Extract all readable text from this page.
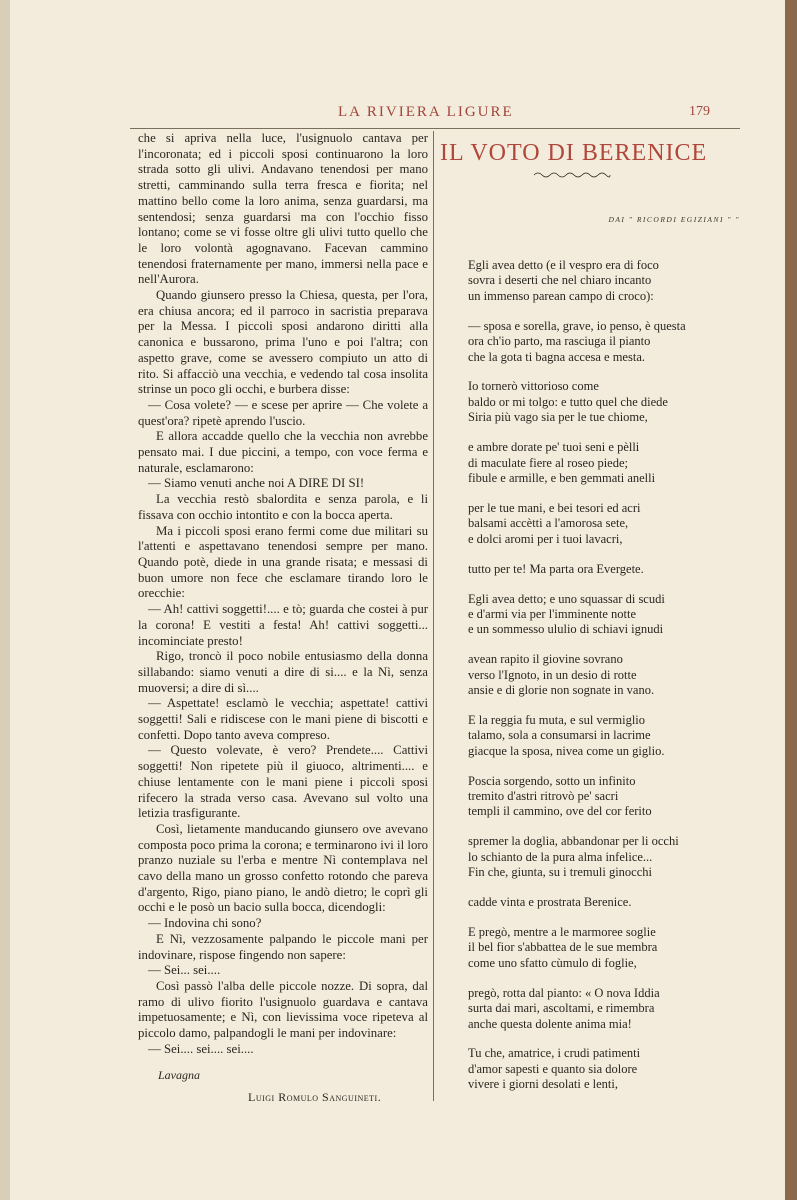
LA RIVIERA LIGURE	179

che si apriva nella luce, l'usignuolo cantava per l'incoronata; ed i piccoli sposi continuarono la loro strada sotto gli ulivi. Andavano tenendosi per mano stretti, camminando sulla terra fresca e fiorita; nel mattino bello come la loro anima, senza guardarsi, ma sentendosi; senza guardarsi ma con l'occhio fisso lontano; come se vi fosse oltre gli ulivi tutto quello che le loro volontà agognavano. Facevan cammino tenendosi fraternamente per mano, immersi nella pace e nell'Aurora.

Quando giunsero presso la Chiesa, questa, per l'ora, era chiusa ancora; ed il parroco in sacristia preparava per la Messa. I piccoli sposi andarono diritti alla canonica e bussarono, prima l'uno e poi l'altra; con aspetto grave, come se avessero compiuto un atto di rito. Si affacciò una vecchia, e vedendo tal cosa insolita strinse un poco gli occhi, e burbera disse:

— Cosa volete? — e scese per aprire — Che volete a quest'ora? ripetè aprendo l'uscio.

E allora accadde quello che la vecchia non avrebbe pensato mai. I due piccini, a tempo, con voce ferma e naturale, esclamarono:

— Siamo venuti anche noi A DIRE DI SI!

La vecchia restò sbalordita e senza parola, e li fissava con occhio intontito e con la bocca aperta.

Ma i piccoli sposi erano fermi come due militari su l'attenti e aspettavano tenendosi sempre per mano. Quando potè, diede in una grande risata; e messasi di buon umore non fece che esclamare tirando loro le orecchie:

— Ah! cattivi soggetti!.... e tò; guarda che costei à pur la corona! E vestiti a festa! Ah! cattivi soggetti... incominciate presto!

Rigo, troncò il poco nobile entusiasmo della donna sillabando: siamo venuti a dire di si.... e la Nì, senza muoversi; a dire di sì....

— Aspettate! esclamò le vecchia; aspettate! cattivi soggetti! Sali e ridiscese con le mani piene di biscotti e confetti. Dopo tanto aveva compreso.

— Questo volevate, è vero? Prendete.... Cattivi soggetti! Non ripetete più il giuoco, altrimenti.... e chiuse lentamente con le mani piene i piccoli sposi rifecero la strada verso casa. Avevano sul volto una letizia trasfigurante.

Così, lietamente manducando giunsero ove avevano composta poco prima la corona; e terminarono ivi il loro pranzo nuziale su l'erba e mentre Nì contemplava nel cavo della mano un grosso confetto rotondo che pareva d'argento, Rigo, piano piano, le andò dietro; le coprì gli occhi e le posò un bacio sulla bocca, dicendogli:

— Indovina chi sono?

E Nì, vezzosamente palpando le piccole mani per indovinare, rispose fingendo non sapere:

— Sei... sei....

Così passò l'alba delle piccole nozze. Di sopra, dal ramo di ulivo fiorito l'usignuolo guardava e cantava impetuosamente; e Nì, con lievissima voce ripeteva al piccolo damo, palpandogli le mani per indovinare:

— Sei.... sei.... sei....

IL VOTO DI BERENICE
DAI " RICORDI EGIZIANI " "
Egli avea detto (e il vespro era di foco
sovra i deserti che nel chiaro incanto
un immenso parean campo di croco):
— sposa e sorella, grave, io penso, è questa
ora ch'io parto, ma rasciuga il pianto
che la gota ti bagna accesa e mesta.
Io tornerò vittorioso come
baldo or mi tolgo: e tutto quel che diede
Siria più vago sia per le tue chiome,
e ambre dorate pe' tuoi seni e pèlli
di maculate fiere al roseo piede;
fibule e armille, e ben gemmati anelli
per le tue mani, e bei tesori ed acri
balsami accètti a l'amorosa sete,
e dolci aromi per i tuoi lavacri,
tutto per te! Ma parta ora Evergete.
Egli avea detto; e uno squassar di scudi
e d'armi via per l'imminente notte
e un sommesso ululio di schiavi ignudi
avean rapito il giovine sovrano
verso l'Ignoto, in un desio di rotte
ansie e di glorie non sognate in vano.
E la reggia fu muta, e sul vermiglio
talamo, sola a consumarsi in lacrime
giacque la sposa, nivea come un giglio.
Poscia sorgendo, sotto un infinito
tremito d'astri ritrovò pe' sacri
templi il cammino, ove del cor ferito
spremer la doglia, abbandonar per li occhi
lo schianto de la pura alma infelice...
Fin che, giunta, su i tremuli ginocchi
cadde vinta e prostrata Berenice.
E pregò, mentre a le marmoree soglie
il bel fior s'abbattea de le sue membra
come uno sfatto cùmulo di foglie,
pregò, rotta dal pianto: « O nova Iddia
surta dai mari, ascoltami, e rimembra
anche questa dolente anima mia!
Tu che, amatrice, i crudi patimenti
d'amor sapesti e quanto sia dolore
vivere i giorni desolati e lenti,
Lavagna
Luigi Romulo Sanguineti.
